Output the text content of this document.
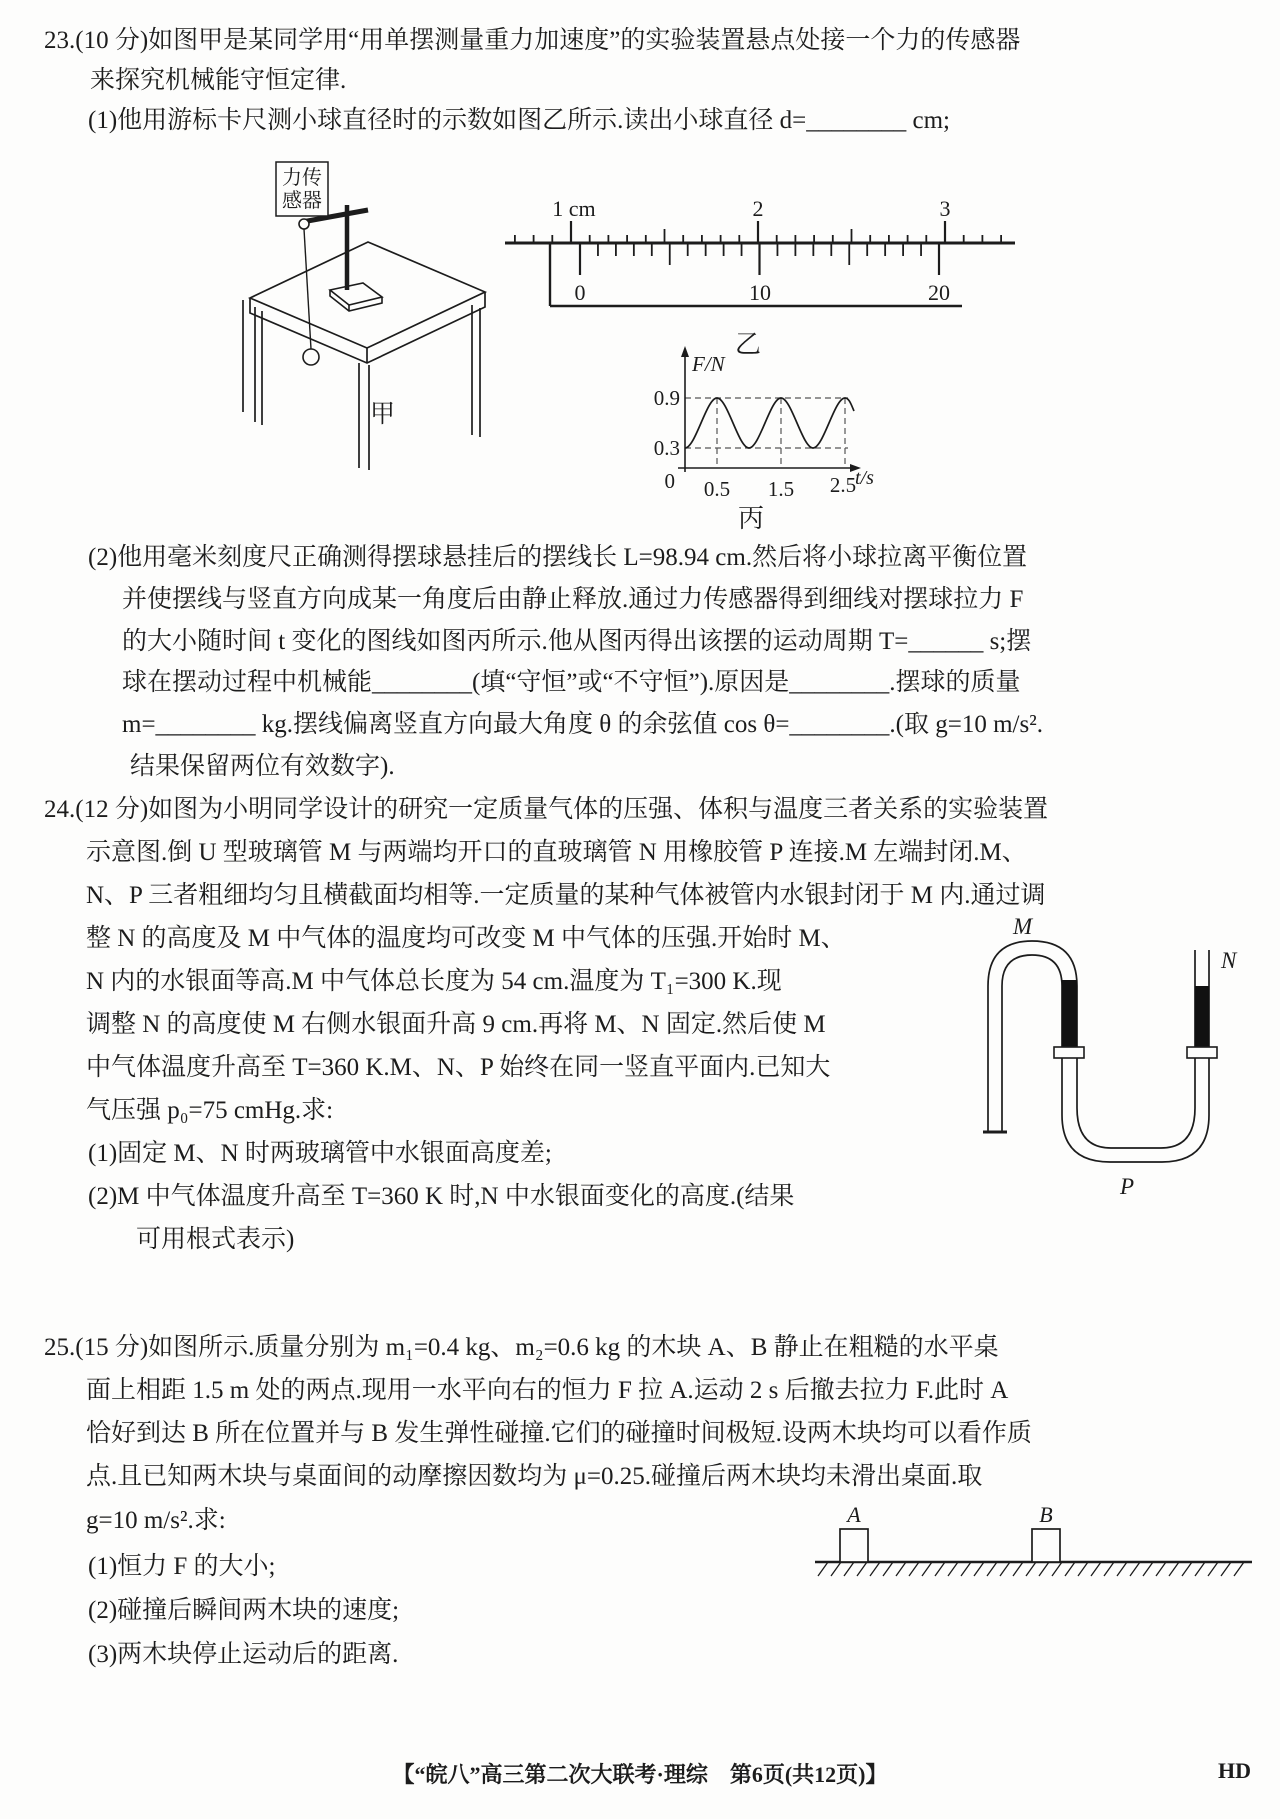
23.(10 分)如图甲是某同学用“用单摆测量重力加速度”的实验装置悬点处接一个力的传感器
来探究机械能守恒定律.
(1)他用游标卡尺测小球直径时的示数如图乙所示.读出小球直径 d=________ cm;
力传
感器
甲
1 cm	2	3
0	10	20
乙
F/N
0.9
0.3
0 0.5 1.5 2.5
t/s
丙
(2)他用毫米刻度尺正确测得摆球悬挂后的摆线长 L=98.94 cm.然后将小球拉离平衡位置
并使摆线与竖直方向成某一角度后由静止释放.通过力传感器得到细线对摆球拉力 F
的大小随时间 t 变化的图线如图丙所示.他从图丙得出该摆的运动周期 T=______ s;摆
球在摆动过程中机械能________(填“守恒”或“不守恒”).原因是________.摆球的质量
m=________ kg.摆线偏离竖直方向最大角度 θ 的余弦值 cos θ=________.(取 g=10 m/s².
结果保留两位有效数字).
24.(12 分)如图为小明同学设计的研究一定质量气体的压强、体积与温度三者关系的实验装置
示意图.倒 U 型玻璃管 M 与两端均开口的直玻璃管 N 用橡胶管 P 连接.M 左端封闭.M、
N、P 三者粗细均匀且横截面均相等.一定质量的某种气体被管内水银封闭于 M 内.通过调
整 N 的高度及 M 中气体的温度均可改变 M 中气体的压强.开始时 M、
N 内的水银面等高.M 中气体总长度为 54 cm.温度为 T₁=300 K.现
调整 N 的高度使 M 右侧水银面升高 9 cm.再将 M、N 固定.然后使 M
中气体温度升高至 T=360 K.M、N、P 始终在同一竖直平面内.已知大
气压强 p₀=75 cmHg.求:
(1)固定 M、N 时两玻璃管中水银面高度差;
(2)M 中气体温度升高至 T=360 K 时,N 中水银面变化的高度.(结果
可用根式表示)
M
N
P
25.(15 分)如图所示.质量分别为 m₁=0.4 kg、m₂=0.6 kg 的木块 A、B 静止在粗糙的水平桌
面上相距 1.5 m 处的两点.现用一水平向右的恒力 F 拉 A.运动 2 s 后撤去拉力 F.此时 A
恰好到达 B 所在位置并与 B 发生弹性碰撞.它们的碰撞时间极短.设两木块均可以看作质
点.且已知两木块与桌面间的动摩擦因数均为 μ=0.25.碰撞后两木块均未滑出桌面.取
g=10 m/s².求:
(1)恒力 F 的大小;
(2)碰撞后瞬间两木块的速度;
(3)两木块停止运动后的距离.
A	B
【“皖八”高三第二次大联考·理综　第6页(共12页)】	HD
